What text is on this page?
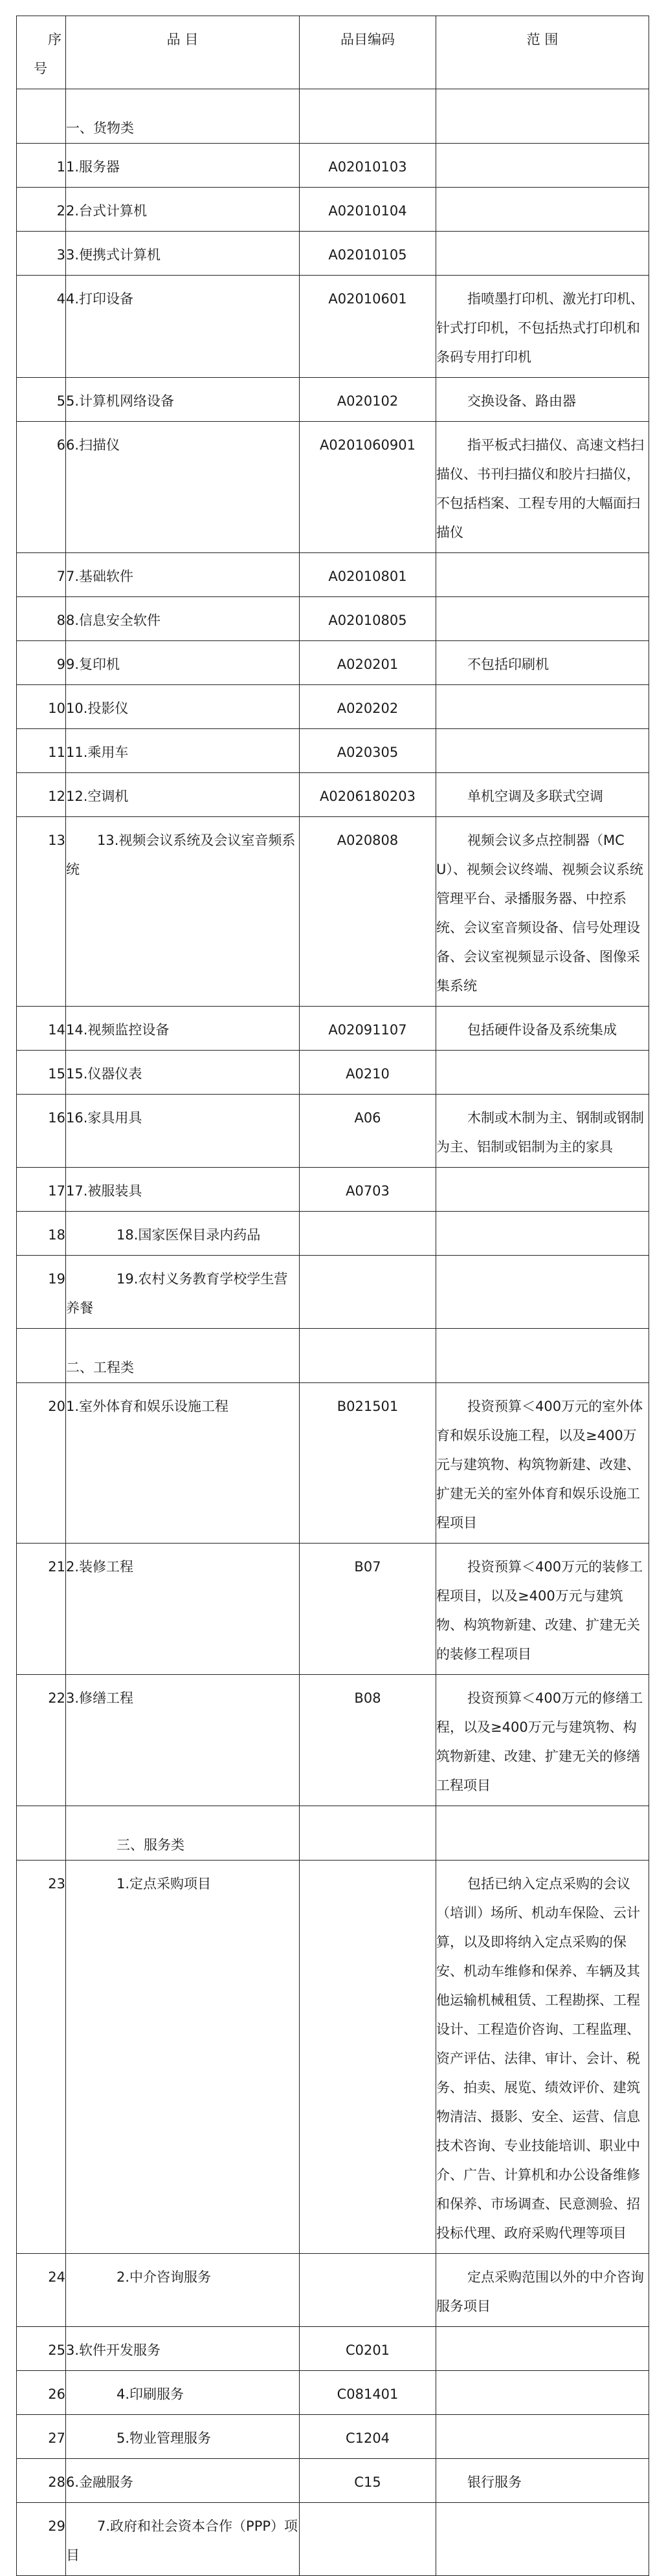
序
号	品 目	品目编码	范 围
	一、货物类		
1	1.服务器	A02010103	
2	2.台式计算机	A02010104	
3	3.便携式计算机	A02010105	
4	4.打印设备	A02010601	指喷墨打印机、激光打印机、针式打印机，不包括热式打印机和条码专用打印机
5	5.计算机网络设备	A020102	交换设备、路由器
6	6.扫描仪	A0201060901	指平板式扫描仪、高速文档扫描仪、书刊扫描仪和胶片扫描仪，不包括档案、工程专用的大幅面扫描仪
7	7.基础软件	A02010801	
8	8.信息安全软件	A02010805	
9	9.复印机	A020201	不包括印刷机
10	10.投影仪	A020202	
11	11.乘用车	A020305	
12	12.空调机	A0206180203	单机空调及多联式空调
13	13.视频会议系统及会议室音频系统	A020808	视频会议多点控制器（MCU）、视频会议终端、视频会议系统管理平台、录播服务器、中控系统、会议室音频设备、信号处理设备、会议室视频显示设备、图像采集系统
14	14.视频监控设备	A02091107	包括硬件设备及系统集成
15	15.仪器仪表	A0210	
16	16.家具用具	A06	木制或木制为主、钢制或钢制为主、铝制或铝制为主的家具
17	17.被服装具	A0703	
18	18.国家医保目录内药品		
19	19.农村义务教育学校学生营养餐		
	二、工程类		
20	1.室外体育和娱乐设施工程	B021501	投资预算＜400万元的室外体育和娱乐设施工程，以及≥400万元与建筑物、构筑物新建、改建、扩建无关的室外体育和娱乐设施工程项目
21	2.装修工程	B07	投资预算＜400万元的装修工程项目，以及≥400万元与建筑物、构筑物新建、改建、扩建无关的装修工程项目
22	3.修缮工程	B08	投资预算＜400万元的修缮工程，以及≥400万元与建筑物、构筑物新建、改建、扩建无关的修缮工程项目
	三、服务类		
23	1.定点采购项目		包括已纳入定点采购的会议（培训）场所、机动车保险、云计算，以及即将纳入定点采购的保安、机动车维修和保养、车辆及其他运输机械租赁、工程勘探、工程设计、工程造价咨询、工程监理、资产评估、法律、审计、会计、税务、拍卖、展览、绩效评价、建筑物清洁、摄影、安全、运营、信息技术咨询、专业技能培训、职业中介、广告、计算机和办公设备维修和保养、市场调查、民意测验、招投标代理、政府采购代理等项目
24	2.中介咨询服务		定点采购范围以外的中介咨询服务项目
25	3.软件开发服务	C0201	
26	4.印刷服务	C081401	
27	5.物业管理服务	C1204	
28	6.金融服务	C15	银行服务
29	7.政府和社会资本合作（PPP）项目		
